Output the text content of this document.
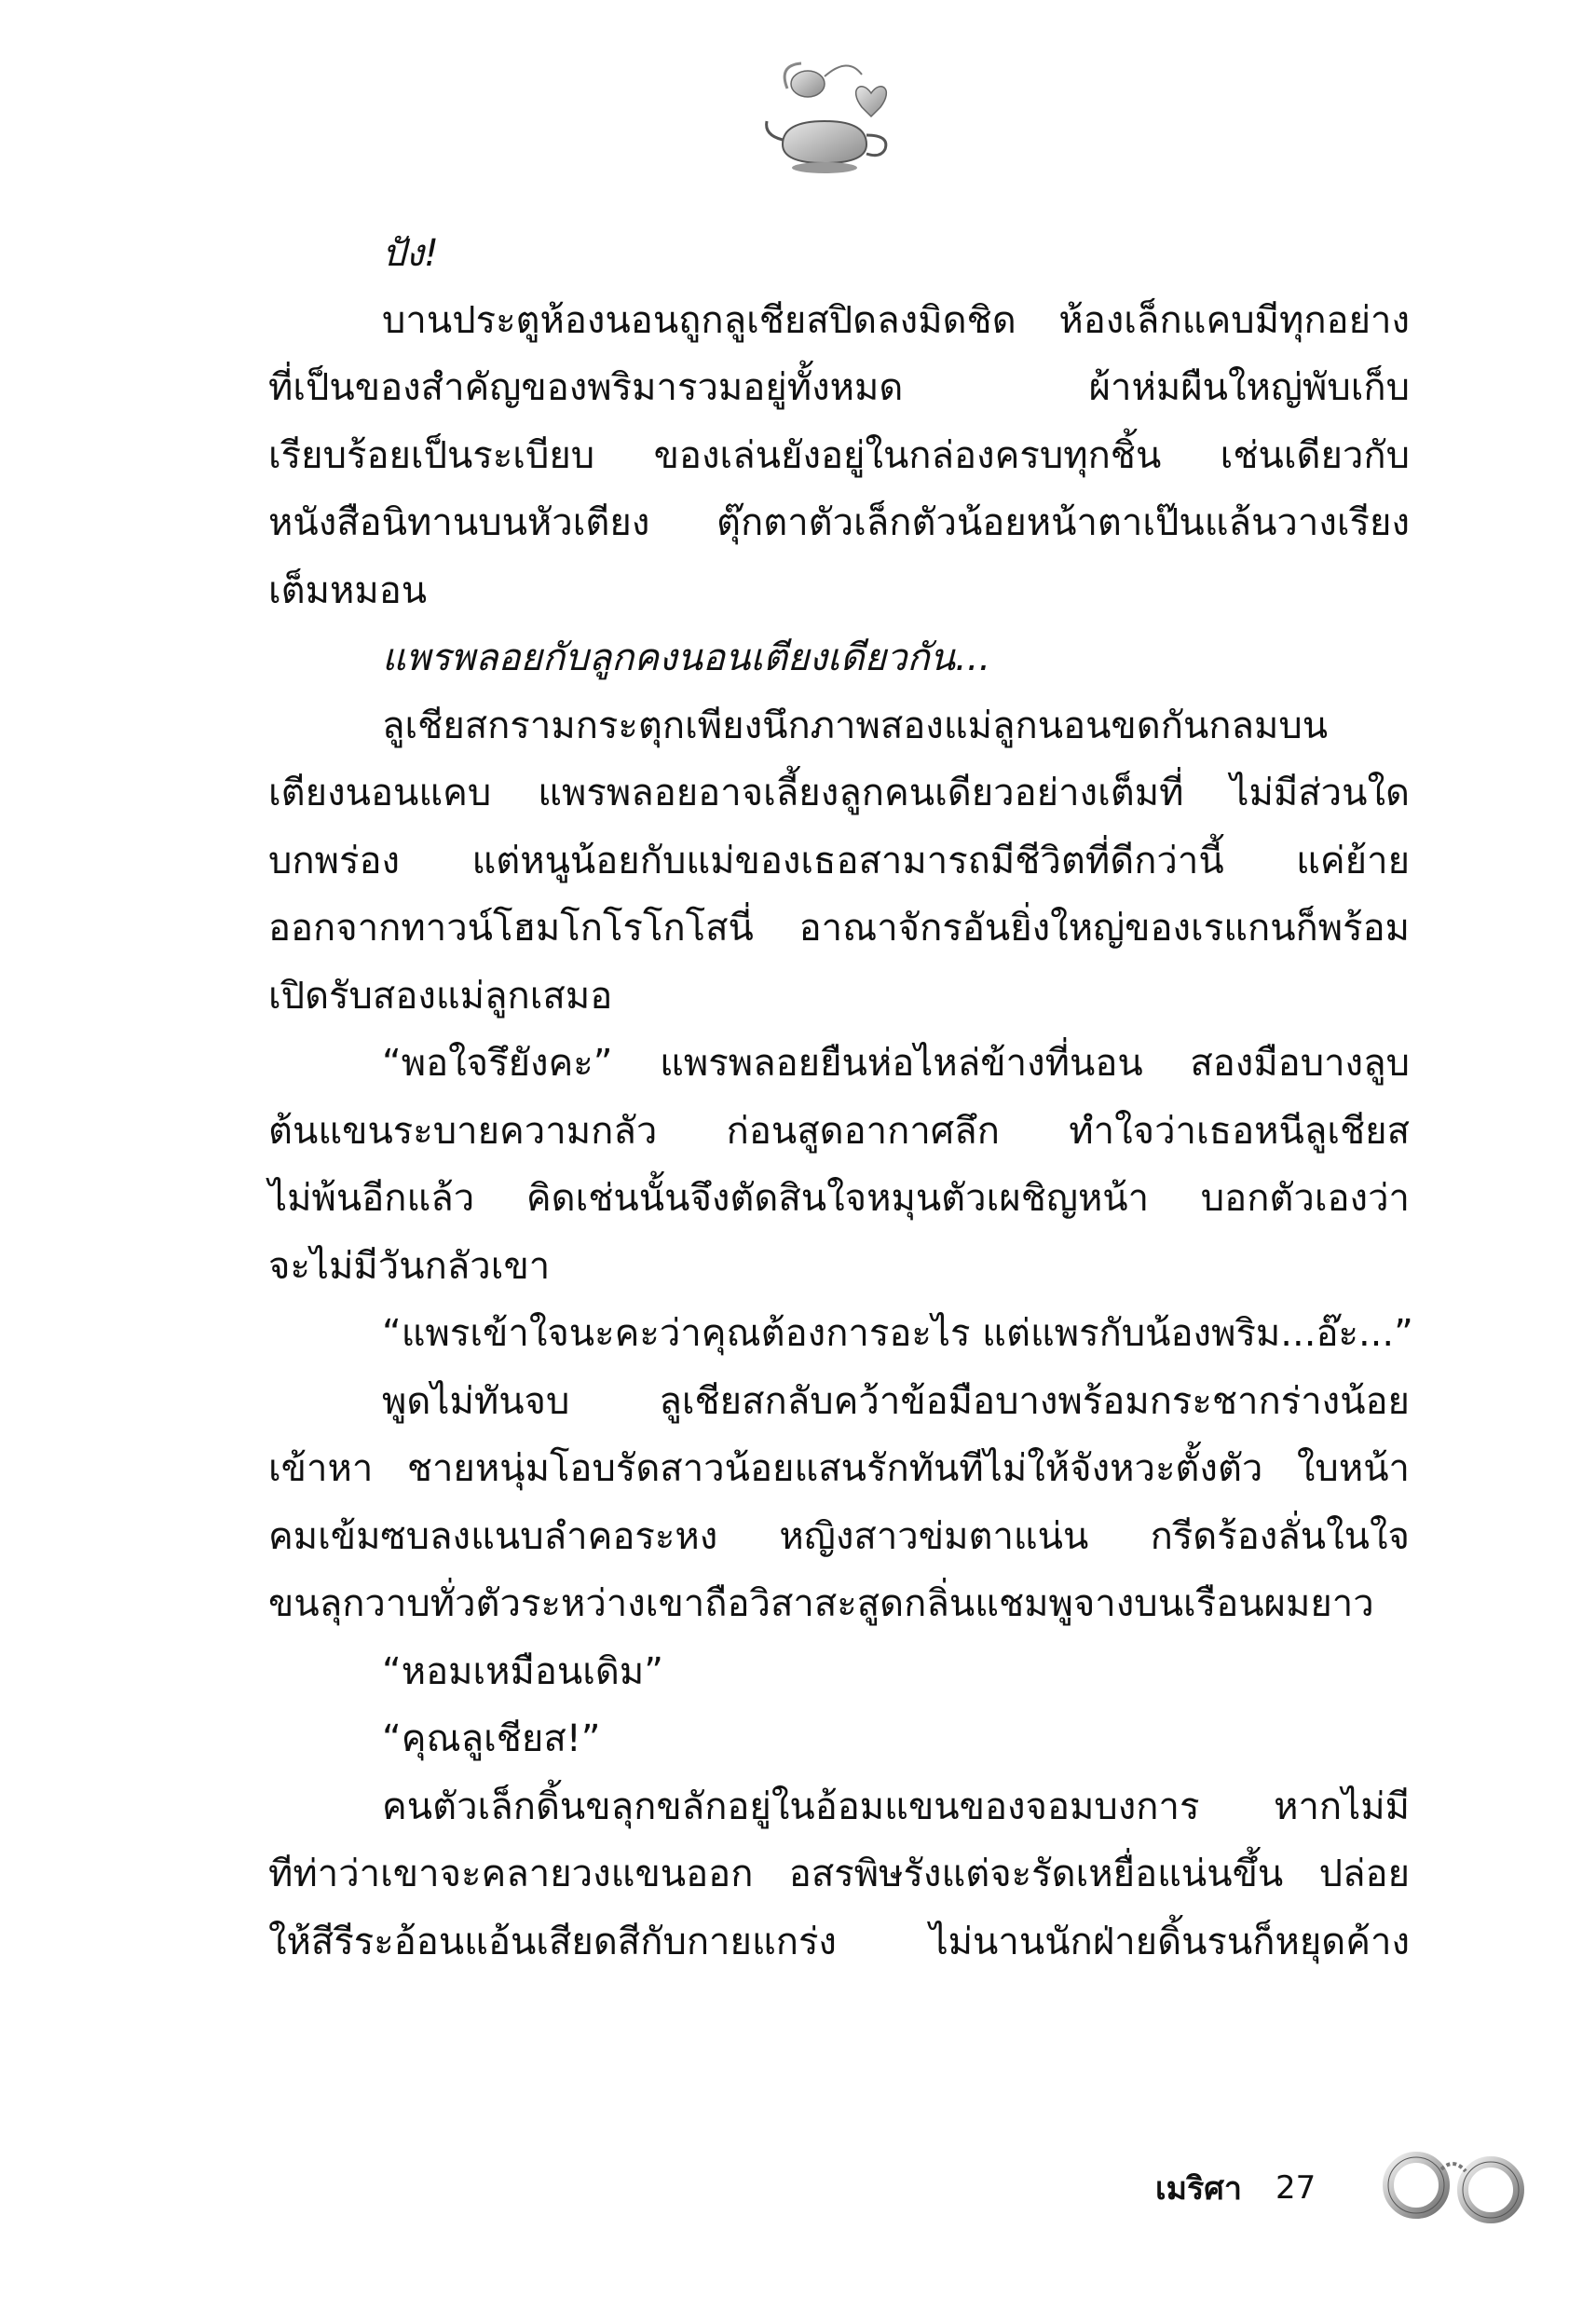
ปัง!
บานประตูห้องนอนถูกลูเชียสปิดลงมิดชิด ห้องเล็กแคบมีทุกอย่าง
ที่เป็นของสำคัญของพริมารวมอยู่ทั้งหมด ผ้าห่มผืนใหญ่พับเก็บ
เรียบร้อยเป็นระเบียบ ของเล่นยังอยู่ในกล่องครบทุกชิ้น เช่นเดียวกับ
หนังสือนิทานบนหัวเตียง ตุ๊กตาตัวเล็กตัวน้อยหน้าตาเป๊นแล้นวางเรียง
เต็มหมอน
แพรพลอยกับลูกคงนอนเตียงเดียวกัน...
ลูเชียสกรามกระตุกเพียงนึกภาพสองแม่ลูกนอนขดกันกลมบน
เตียงนอนแคบ แพรพลอยอาจเลี้ยงลูกคนเดียวอย่างเต็มที่ ไม่มีส่วนใด
บกพร่อง แต่หนูน้อยกับแม่ของเธอสามารถมีชีวิตที่ดีกว่านี้ แค่ย้าย
ออกจากทาวน์โฮมโกโรโกโสนี่ อาณาจักรอันยิ่งใหญ่ของเรแกนก็พร้อม
เปิดรับสองแม่ลูกเสมอ
“พอใจรึยังคะ” แพรพลอยยืนห่อไหล่ข้างที่นอน สองมือบางลูบ
ต้นแขนระบายความกลัว ก่อนสูดอากาศลึก ทำใจว่าเธอหนีลูเชียส
ไม่พ้นอีกแล้ว คิดเช่นนั้นจึงตัดสินใจหมุนตัวเผชิญหน้า บอกตัวเองว่า
จะไม่มีวันกลัวเขา
“แพรเข้าใจนะคะว่าคุณต้องการอะไร แต่แพรกับน้องพริม...อ๊ะ...”
พูดไม่ทันจบ ลูเชียสกลับคว้าข้อมือบางพร้อมกระชากร่างน้อย
เข้าหา ชายหนุ่มโอบรัดสาวน้อยแสนรักทันทีไม่ให้จังหวะตั้งตัว ใบหน้า
คมเข้มซบลงแนบลำคอระหง หญิงสาวข่มตาแน่น กรีดร้องลั่นในใจ
ขนลุกวาบทั่วตัวระหว่างเขาถือวิสาสะสูดกลิ่นแชมพูจางบนเรือนผมยาว
“หอมเหมือนเดิม”
“คุณลูเชียส!”
คนตัวเล็กดิ้นขลุกขลักอยู่ในอ้อมแขนของจอมบงการ หากไม่มี
ทีท่าว่าเขาจะคลายวงแขนออก อสรพิษรังแต่จะรัดเหยื่อแน่นขึ้น ปล่อย
ให้สีรีระอ้อนแอ้นเสียดสีกับกายแกร่ง ไม่นานนักฝ่ายดิ้นรนก็หยุดค้าง
เมริศา 27
